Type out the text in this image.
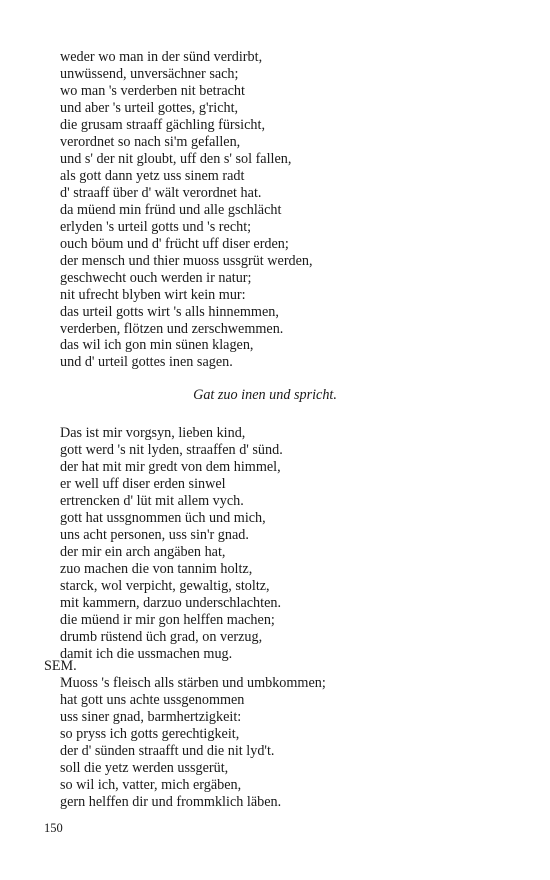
weder wo man in der sünd verdirbt,
unwüssend, unversächner sach;
wo man 's verderben nit betracht
und aber 's urteil gottes, g'richt,
die grusam straaff gächling fürsicht,
verordnet so nach si'm gefallen,
und s' der nit gloubt, uff den s' sol fallen,
als gott dann yetz uss sinem radt
d' straaff über d' wält verordnet hat.
da müend min fründ und alle gschlächt
erlyden 's urteil gotts und 's recht;
ouch böum und d' frücht uff diser erden;
der mensch und thier muoss ussgrüt werden,
geschwecht ouch werden ir natur;
nit ufrecht blyben wirt kein mur:
das urteil gotts wirt 's alls hinnemmen,
verderben, flötzen und zerschwemmen.
das wil ich gon min sünen klagen,
und d' urteil gottes inen sagen.
Gat zuo inen und spricht.
Das ist mir vorgsyn, lieben kind,
gott werd 's nit lyden, straaffen d' sünd.
der hat mit mir gredt von dem himmel,
er well uff diser erden sinwel
ertrencken d' lüt mit allem vych.
gott hat ussgnommen üch und mich,
uns acht personen, uss sin'r gnad.
der mir ein arch angäben hat,
zuo machen die von tannim holtz,
starck, wol verpicht, gewaltig, stoltz,
mit kammern, darzuo underschlachten.
die müend ir mir gon helffen machen;
drumb rüstend üch grad, on verzug,
damit ich die ussmachen mug.
SEM.
Muoss 's fleisch alls stärben und umbkommen;
hat gott uns achte ussgenommen
uss siner gnad, barmhertzigkeit:
so pryss ich gotts gerechtigkeit,
der d' sünden straafft und die nit lyd't.
soll die yetz werden ussgerüt,
so wil ich, vatter, mich ergäben,
gern helffen dir und frommklich läben.
150
